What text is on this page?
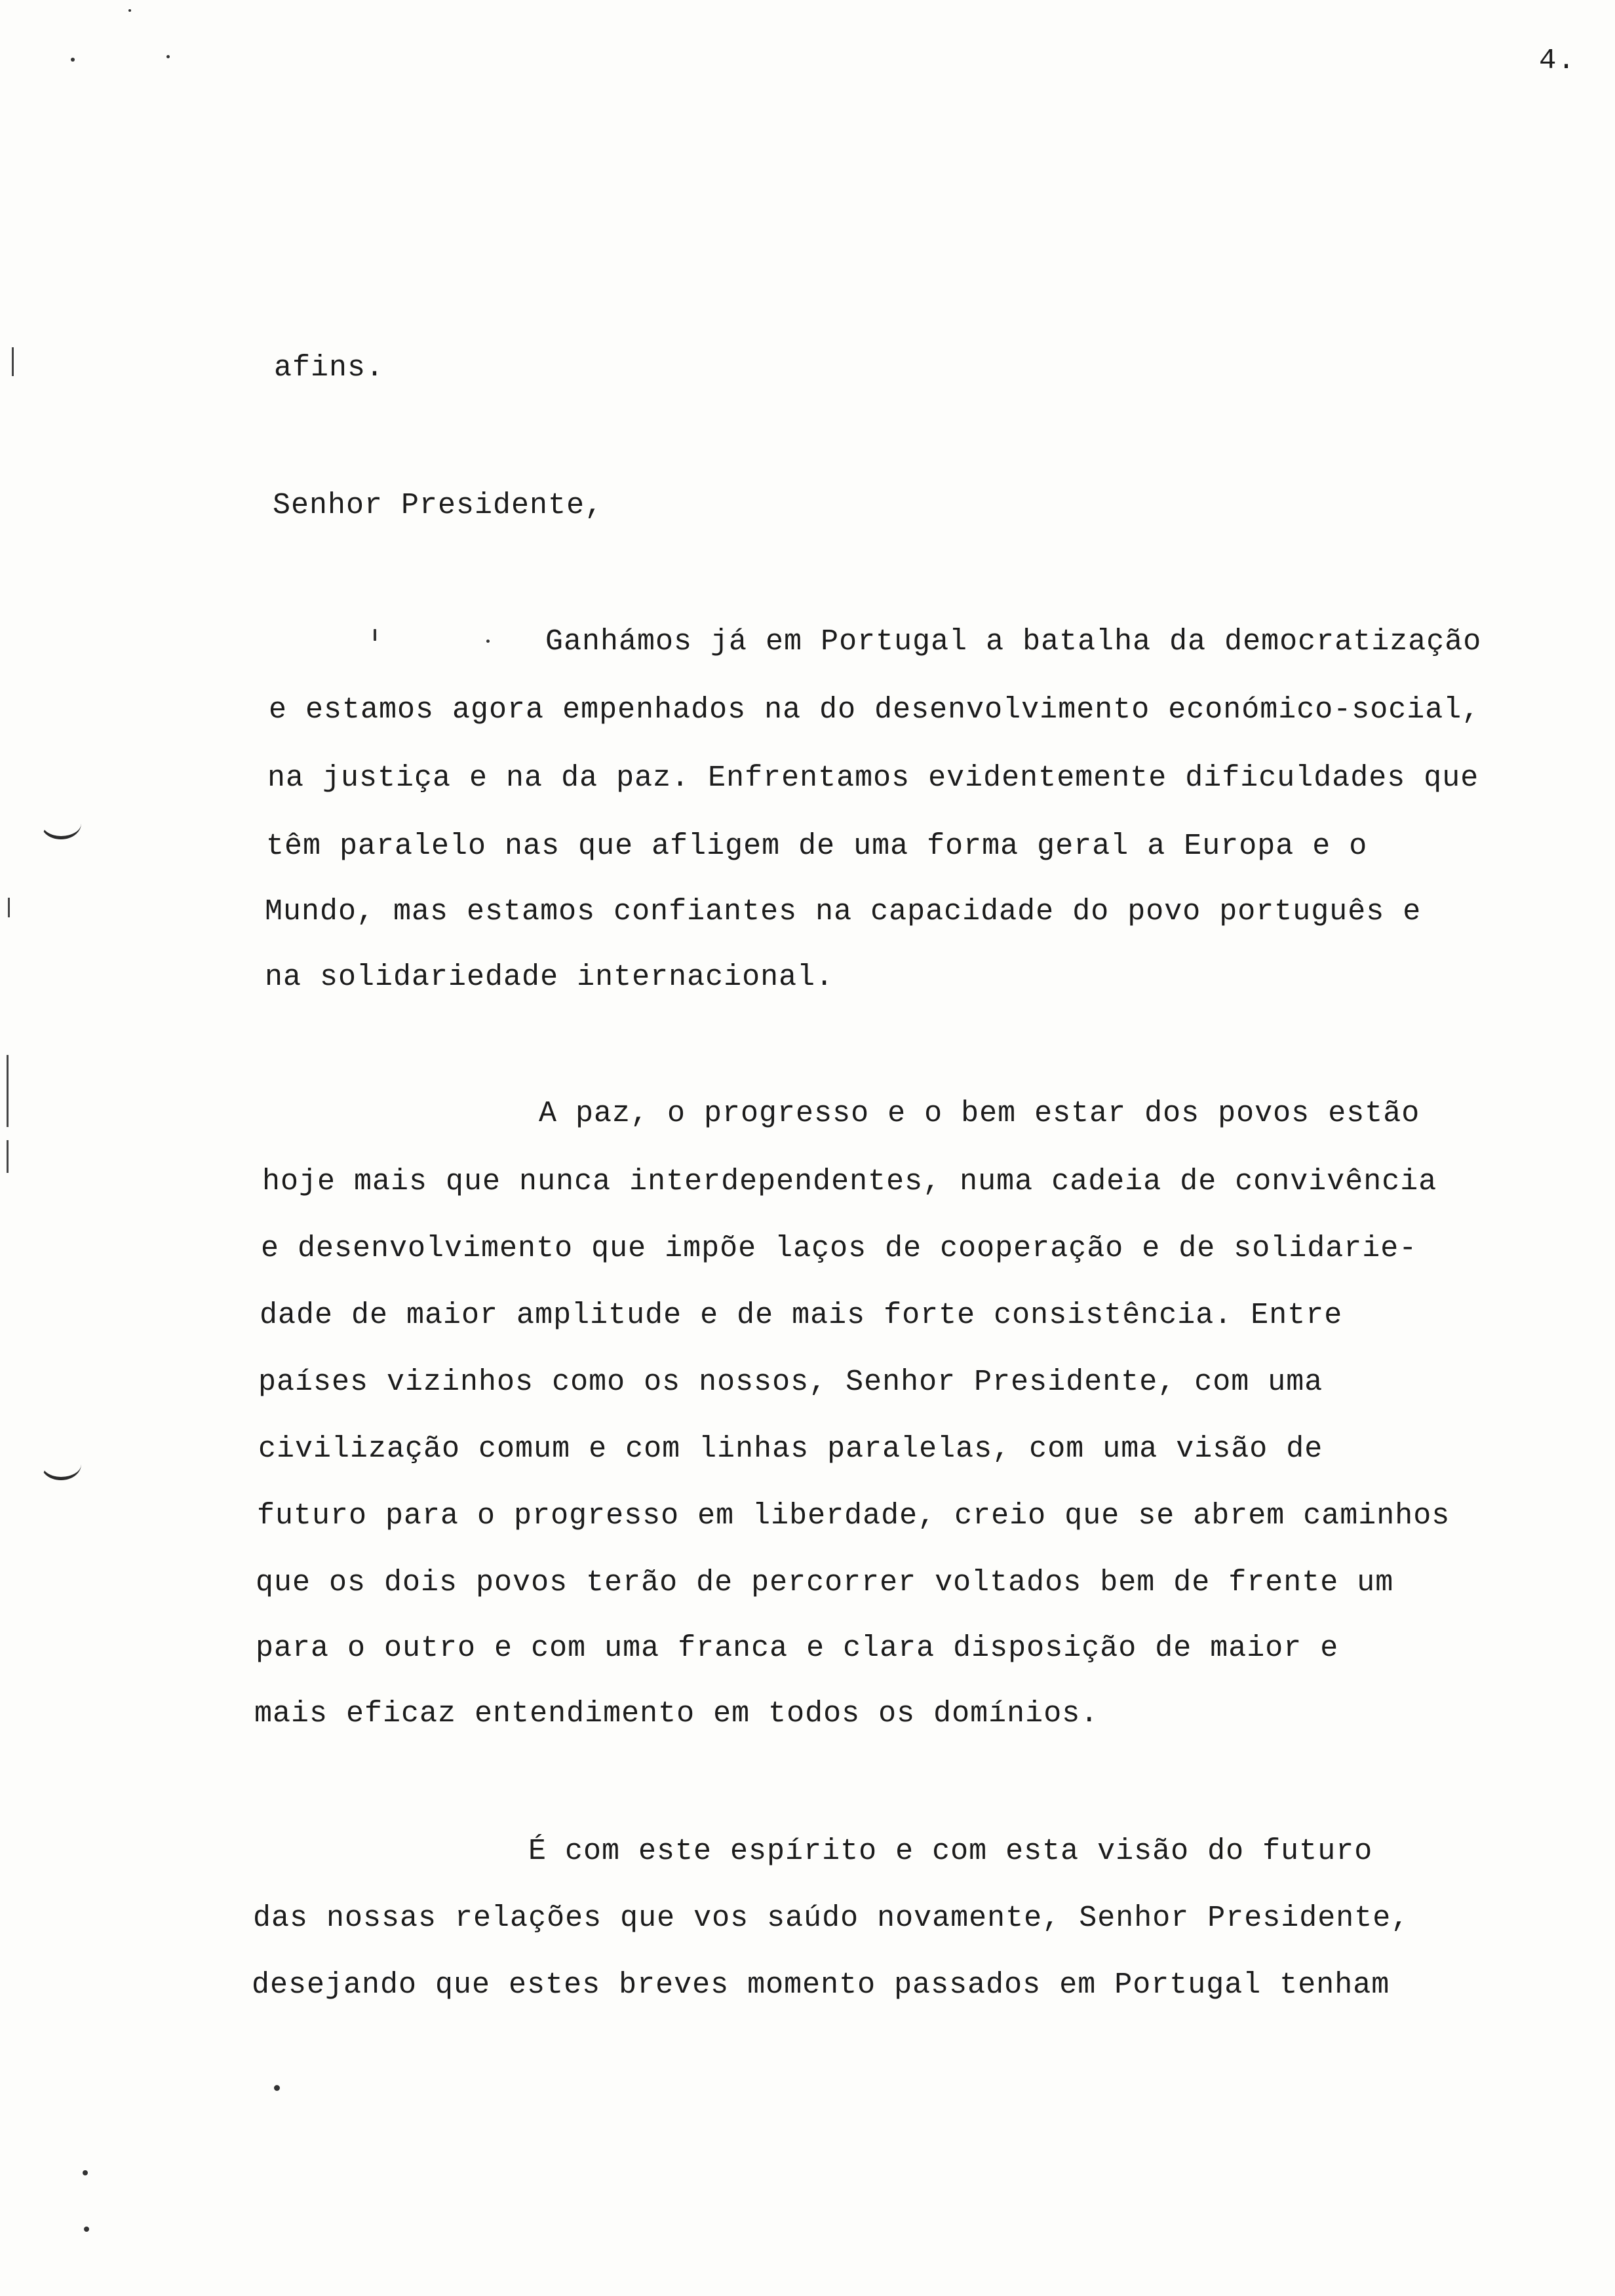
4.
afins.
Senhor Presidente,
Ganhámos já em Portugal a batalha da democratização
e estamos agora empenhados na do desenvolvimento económico-social,
na justiça e na da paz. Enfrentamos evidentemente dificuldades que
têm paralelo nas que afligem de uma forma geral a Europa e o
Mundo, mas estamos confiantes na capacidade do povo português e
na solidariedade internacional.
A paz, o progresso e o bem estar dos povos estão
hoje mais que nunca interdependentes, numa cadeia de convivência
e desenvolvimento que impõe laços de cooperação e de solidarie-
dade de maior amplitude e de mais forte consistência. Entre
países vizinhos como os nossos, Senhor Presidente, com uma
civilização comum e com linhas paralelas, com uma visão de
futuro para o progresso em liberdade, creio que se abrem caminhos
que os dois povos terão de percorrer voltados bem de frente um
para o outro e com uma franca e clara disposição de maior e
mais eficaz entendimento em todos os domínios.
É com este espírito e com esta visão do futuro
das nossas relações que vos saúdo novamente, Senhor Presidente,
desejando que estes breves momento passados em Portugal tenham
